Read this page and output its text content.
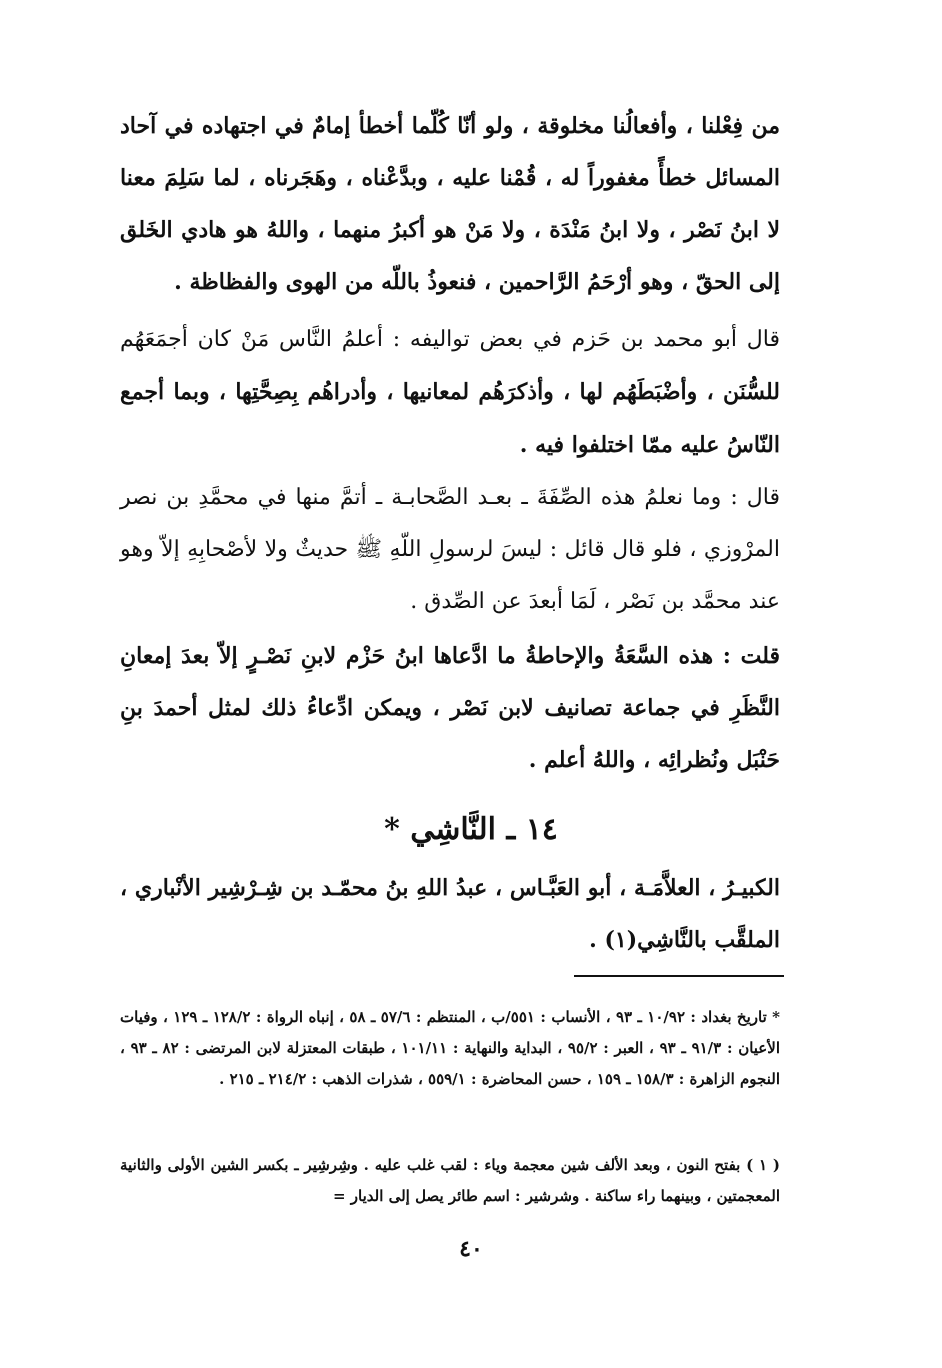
من فِعْلنا ، وأفعالُنا مخلوقة ، ولو أنّا كُلّما أخطأ إمامٌ في اجتهاده في آحاد المسائل خطأً مغفوراً له ، قُمْنا عليه ، وبدَّعْناه ، وهَجَرناه ، لما سَلِمَ معنا لا ابنُ نَصْر ، ولا ابنُ مَنْدَة ، ولا مَنْ هو أكبرُ منهما ، واللهُ هو هادي الخَلق إلى الحقّ ، وهو أرْحَمُ الرَّاحمين ، فنعوذُ باللّه من الهوى والفظاظة .

قال أبو محمد بن حَزم في بعض تواليفه : أعلمُ النَّاس مَنْ كان أجمَعَهُم للسُّنَن ، وأضْبَطَهُم لها ، وأذكرَهُم لمعانيها ، وأدراهُم بِصِحَّتِها ، وبما أجمع النّاسُ عليه ممّا اختلفوا فيه .

قال : وما نعلمُ هذه الصِّفَةَ ـ بعـد الصَّحابـة ـ أتمَّ منها في محمَّدِ بن نصر المرْوزي ، فلو قال قائل : ليسَ لرسولِ اللّهِ ﷺ حديثٌ ولا لأصْحابِهِ إلاّ وهو عند محمَّد بن نَصْر ، لَمَا أبعدَ عن الصِّدق .

قلت : هذه السَّعَةُ والإحاطةُ ما ادَّعاها ابنُ حَزْم لابنِ نَصْـرٍ إلاّ بعدَ إمعانِ النَّظَرِ في جماعة تصانيف لابن نَصْر ، ويمكن ادِّعاءُ ذلك لمثل أحمدَ بنِ حَنْبَل ونُظرائِه ، واللهُ أعلم .

١٤ ـ النَّاشِي *

الكبيـرُ ، العلاَّمَـة ، أبو العَبَّـاس ، عبدُ اللهِ بنُ محمّـد بن شِـرْشِير الأنْباري ، الملقَّب بالنَّاشِي(١) .

* تاريخ بغداد : ١٠/٩٢ ـ ٩٣ ، الأنساب : ٥٥١/ب ، المنتظم : ٥٧/٦ ـ ٥٨ ، إنباه الرواة : ١٢٨/٢ ـ ١٢٩ ، وفيات الأعيان : ٩١/٣ ـ ٩٣ ، العبر : ٩٥/٢ ، البداية والنهاية : ١٠١/١١ ، طبقات المعتزلة لابن المرتضى : ٨٢ ـ ٩٣ ، النجوم الزاهرة : ١٥٨/٣ ـ ١٥٩ ، حسن المحاضرة : ٥٥٩/١ ، شذرات الذهب : ٢١٤/٢ ـ ٢١٥ .

( ١ ) بفتح النون ، وبعد الألف شين معجمة وياء : لقب غلب عليه . وشِرشِير ـ بكسر الشين الأولى والثانية المعجمتين ، وبينهما راء ساكنة . وشرشير : اسم طائر يصل إلى الديار =

٤٠
